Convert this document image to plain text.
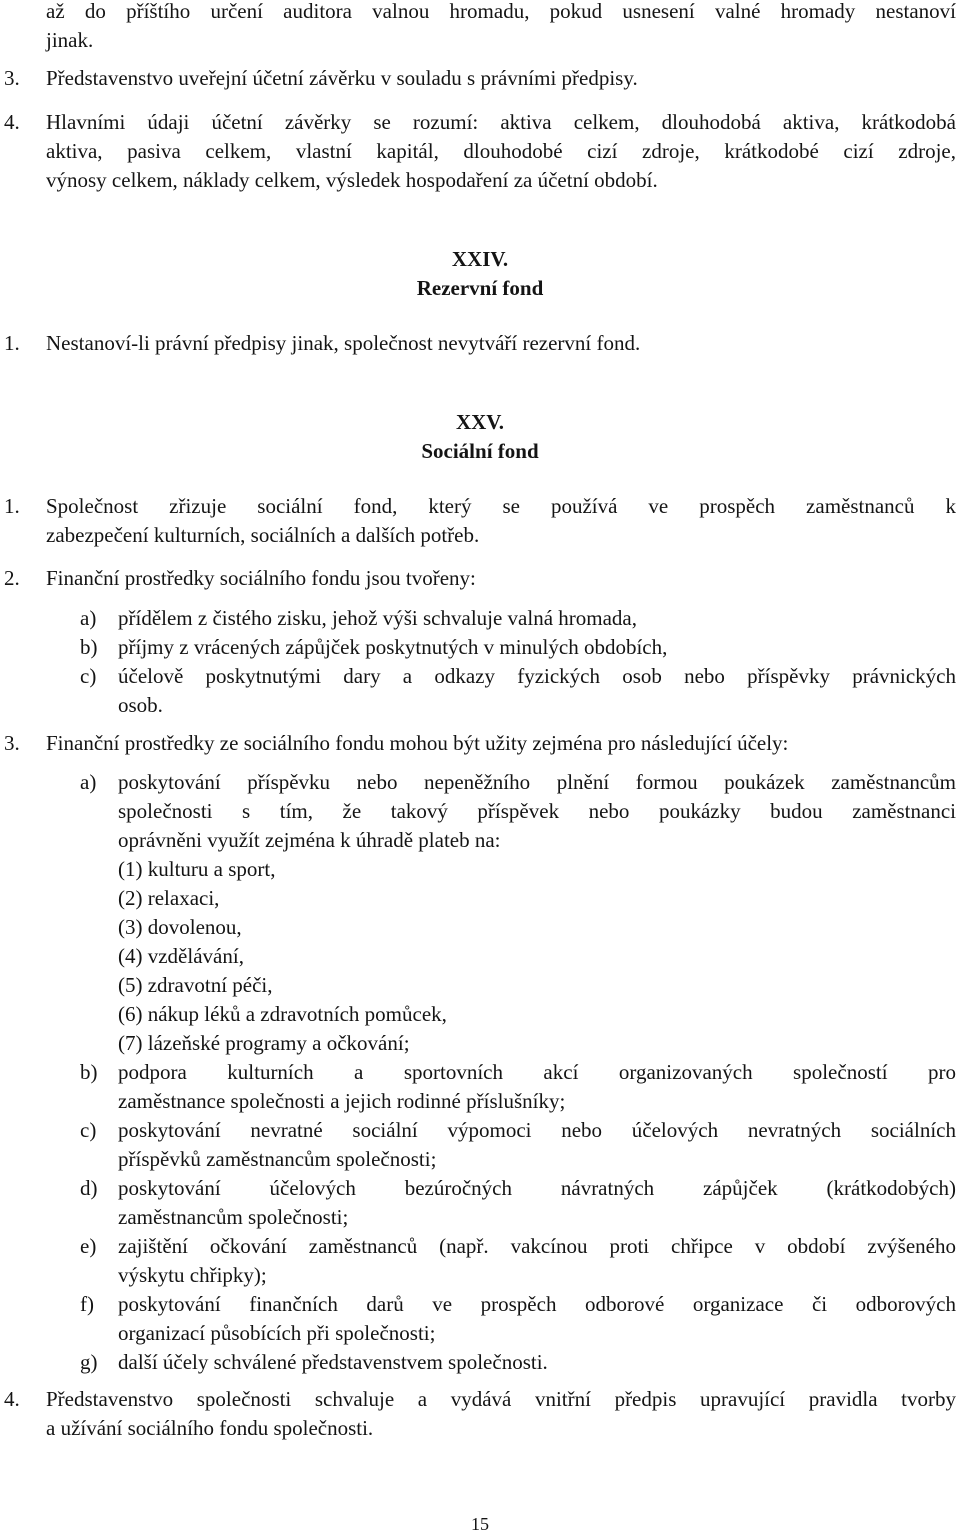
až do příštího určení auditora valnou hromadu, pokud usnesení valné hromady nestanoví
jinak.
3. Představenstvo uveřejní účetní závěrku v souladu s právními předpisy.
4. Hlavními údaji účetní závěrky se rozumí: aktiva celkem, dlouhodobá aktiva, krátkodobá
aktiva, pasiva celkem, vlastní kapitál, dlouhodobé cizí zdroje, krátkodobé cizí zdroje,
výnosy celkem, náklady celkem, výsledek hospodaření za účetní období.
XXIV.
Rezervní fond
1. Nestanoví-li právní předpisy jinak, společnost nevytváří rezervní fond.
XXV.
Sociální fond
1. Společnost zřizuje sociální fond, který se používá ve prospěch zaměstnanců k
zabezpečení kulturních, sociálních a dalších potřeb.
2. Finanční prostředky sociálního fondu jsou tvořeny:
a) přídělem z čistého zisku, jehož výši schvaluje valná hromada,
b) příjmy z vrácených zápůjček poskytnutých v minulých obdobích,
c) účelově poskytnutými dary a odkazy fyzických osob nebo příspěvky právnických
osob.
3. Finanční prostředky ze sociálního fondu mohou být užity zejména pro následující účely:
a) poskytování příspěvku nebo nepeněžního plnění formou poukázek zaměstnancům
společnosti s tím, že takový příspěvek nebo poukázky budou zaměstnanci
oprávněni využít zejména k úhradě plateb na:
(1) kulturu a sport,
(2) relaxaci,
(3) dovolenou,
(4) vzdělávání,
(5) zdravotní péči,
(6) nákup léků a zdravotních pomůcek,
(7) lázeňské programy a očkování;
b) podpora kulturních a sportovních akcí organizovaných společností pro
zaměstnance společnosti a jejich rodinné příslušníky;
c) poskytování nevratné sociální výpomoci nebo účelových nevratných sociálních
příspěvků zaměstnancům společnosti;
d) poskytování účelových bezúročných návratných zápůjček (krátkodobých)
zaměstnancům společnosti;
e) zajištění očkování zaměstnanců (např. vakcínou proti chřipce v období zvýšeného
výskytu chřipky);
f) poskytování finančních darů ve prospěch odborové organizace či odborových
organizací působících při společnosti;
g) další účely schválené představenstvem společnosti.
4. Představenstvo společnosti schvaluje a vydává vnitřní předpis upravující pravidla tvorby
a užívání sociálního fondu společnosti.
15
